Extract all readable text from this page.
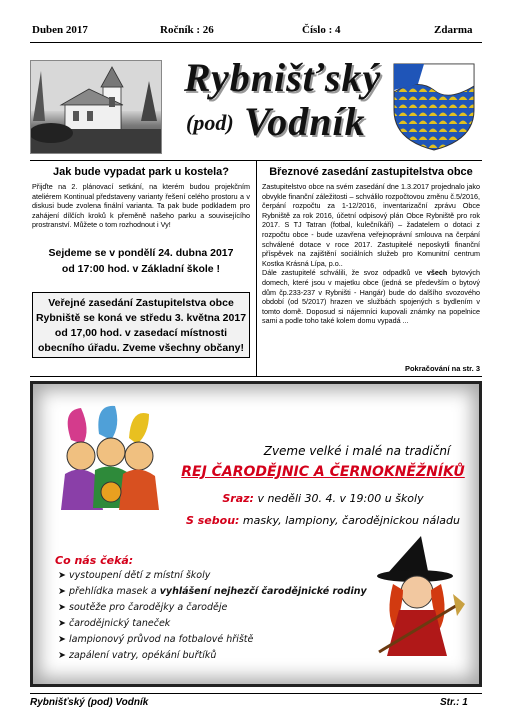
Duben 2017	Ročník : 26	Číslo : 4	Zdarma
Rybnišťský
(pod) Vodník
Jak bude vypadat park u kostela?
Přijďte na 2. plánovací setkání, na kterém budou projekčním ateliérem Kontinual představeny varianty řešení celého prostoru a v diskusi bude zvolena finální varianta. Ta pak bude podkladem pro zahájení dílčích kroků k přeměně našeho parku a souvisejícího prostranství. Můžete o tom rozhodnout i Vy!
Sejdeme se v pondělí 24. dubna 2017
od 17:00 hod. v Základní škole !
Veřejné zasedání Zastupitelstva obce
Rybniště se koná ve středu 3. května 2017
od 17,00 hod. v zasedací místnosti
obecního úřadu. Zveme všechny občany!
Březnové zasedání zastupitelstva obce
Zastupitelstvo obce na svém zasedání dne 1.3.2017 projednalo jako obvykle finanční záležitosti – schválilo rozpočtovou změnu č.5/2016, čerpání rozpočtu za 1-12/2016, inventarizační zprávu Obce Rybniště za rok 2016, účetní odpisový plán Obce Rybniště pro rok 2017. S TJ Tatran (fotbal, kulečníkáři) – žadatelem o dotaci z rozpočtu obce - bude uzavřena veřejnoprávní smlouva na čerpání schválené dotace v roce 2017. Zastupitelé neposkytli finanční příspěvek na zajištění sociálních služeb pro Komunitní centrum Kostka Krásná Lípa, p.o..
Dále zastupitelé schválili, že svoz odpadků ve všech bytových domech, které jsou v majetku obce (jedná se především o bytový dům čp.233-237 v Rybništi - Hangár) bude do dalšího svozového období (od 5/2017) hrazen ve službách spojených s bydlením v tomto domě. Doposud si nájemníci kupovali známky na popelnice sami a podle toho také kolem domu vypadá ...
Pokračování na str. 3
Zveme velké i malé na tradiční
REJ ČARODĚJNIC A ČERNOKNĚŽNÍKŮ
Sraz: v neděli 30. 4. v 19:00 u školy
S sebou: masky, lampiony, čarodějnickou náladu
Co nás čeká:
➤ vystoupení dětí z místní školy
➤ přehlídka masek a vyhlášení nejhezčí čarodějnické rodiny
➤ soutěže pro čarodějky a čaroděje
➤ čarodějnický taneček
➤ lampionový průvod na fotbalové hřiště
➤ zapálení vatry, opékání buřtíků
Rybnišťský (pod) Vodník	Str.: 1
